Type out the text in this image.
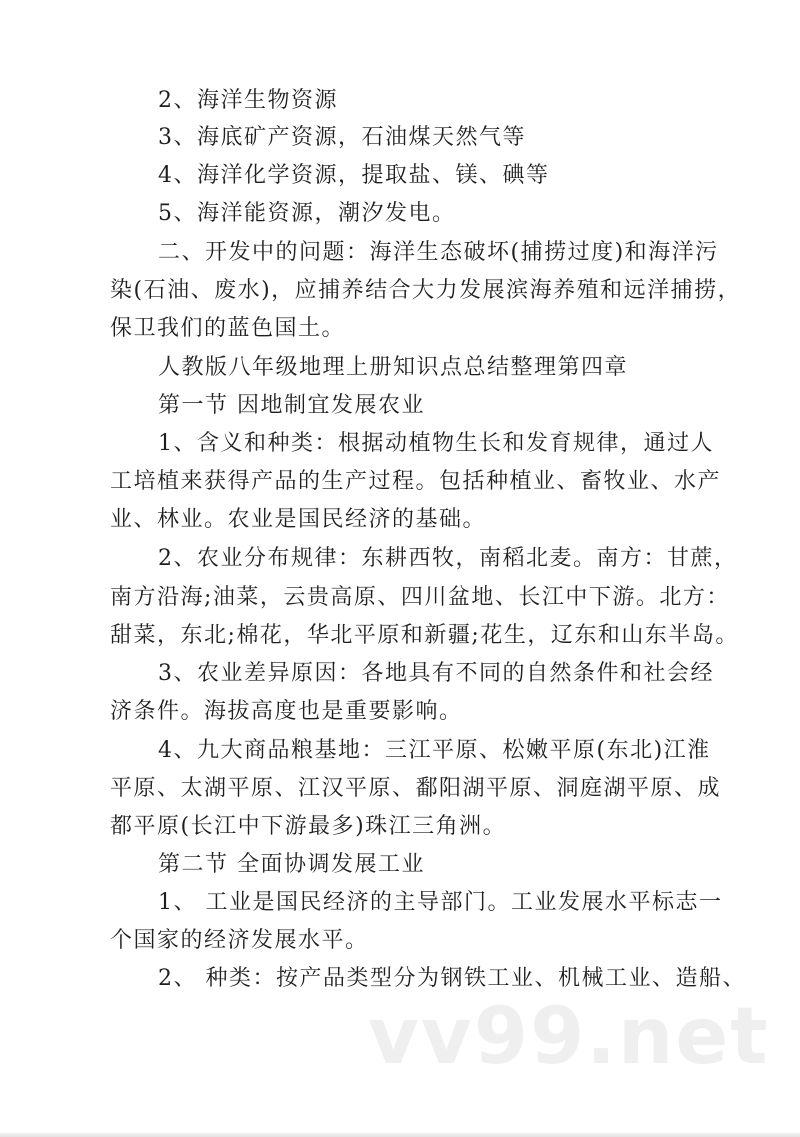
2、海洋生物资源
3、海底矿产资源，石油煤天然气等
4、海洋化学资源，提取盐、镁、碘等
5、海洋能资源，潮汐发电。
二、开发中的问题：海洋生态破坏(捕捞过度)和海洋污
染(石油、废水)，应捕养结合大力发展滨海养殖和远洋捕捞，
保卫我们的蓝色国土。
人教版八年级地理上册知识点总结整理第四章
第一节 因地制宜发展农业
1、含义和种类：根据动植物生长和发育规律，通过人
工培植来获得产品的生产过程。包括种植业、畜牧业、水产
业、林业。农业是国民经济的基础。
2、农业分布规律：东耕西牧，南稻北麦。南方：甘蔗，
南方沿海;油菜，云贵高原、四川盆地、长江中下游。北方：
甜菜，东北;棉花，华北平原和新疆;花生，辽东和山东半岛。
3、农业差异原因：各地具有不同的自然条件和社会经
济条件。海拔高度也是重要影响。
4、九大商品粮基地：三江平原、松嫩平原(东北)江淮
平原、太湖平原、江汉平原、鄱阳湖平原、洞庭湖平原、成
都平原(长江中下游最多)珠江三角洲。
第二节 全面协调发展工业
1、 工业是国民经济的主导部门。工业发展水平标志一
个国家的经济发展水平。
2、 种类：按产品类型分为钢铁工业、机械工业、造船、
vv99.net
